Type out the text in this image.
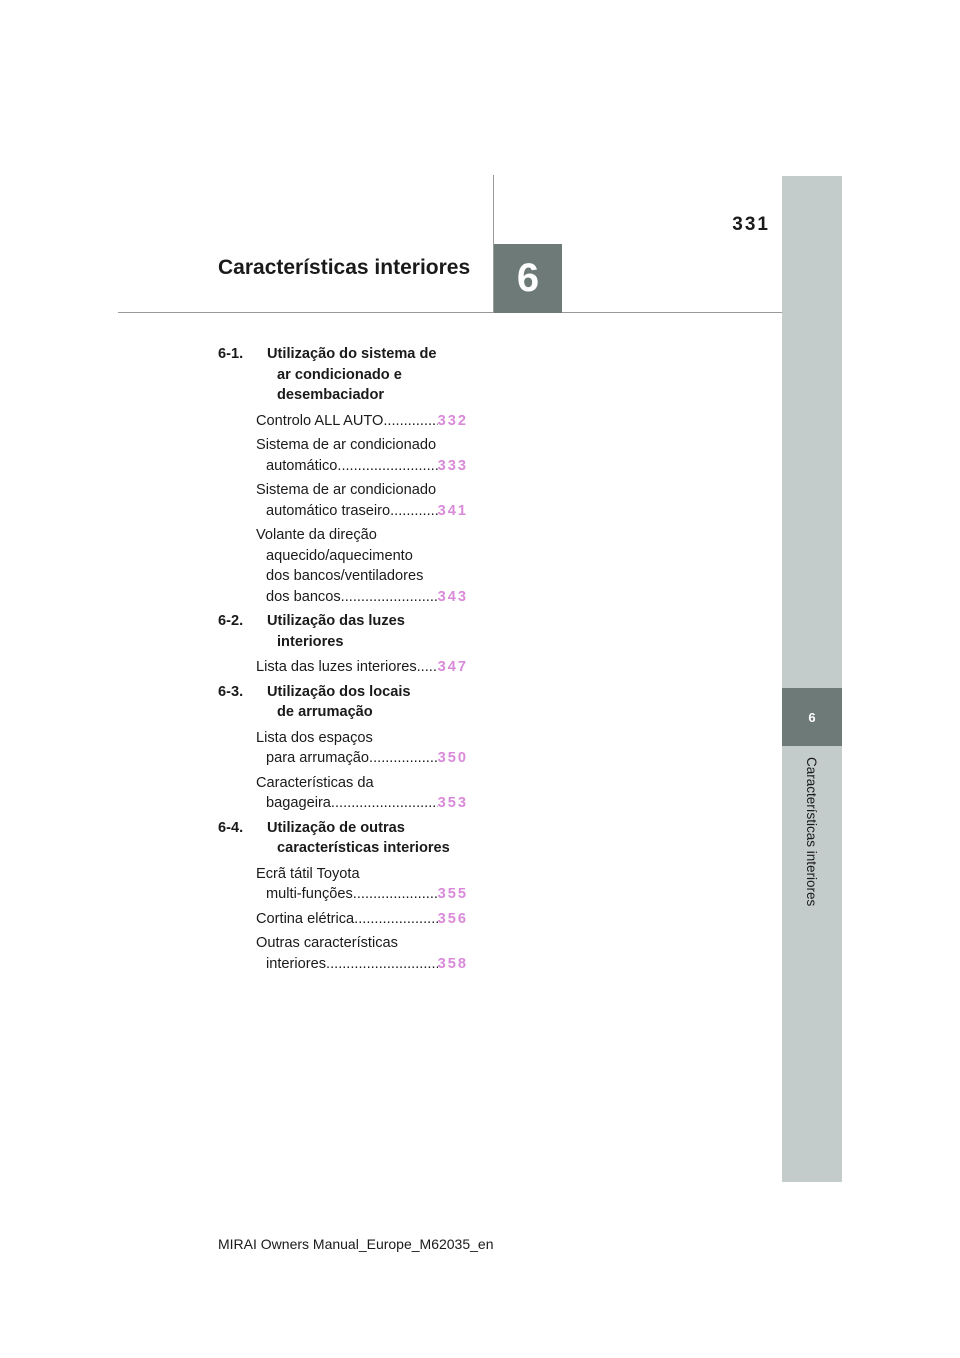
331
Características interiores	6
6
Características interiores
6-1. Utilização do sistema de
ar condicionado e
desembaciador
Controlo ALL AUTO .....	332
Sistema de ar condicionado
automático .....	333
Sistema de ar condicionado
automático traseiro .....	341
Volante da direção
aquecido/aquecimento
dos bancos/ventiladores
dos bancos .....	343
6-2. Utilização das luzes
interiores
Lista das luzes interiores ..... 347
6-3. Utilização dos locais
de arrumação
Lista dos espaços
para arrumação .....	350
Características da
bagageira .....	353
6-4. Utilização de outras
características interiores
Ecrã tátil Toyota
multi-funções .....	355
Cortina elétrica .....	356
Outras características
interiores .....	358
MIRAI Owners Manual_Europe_M62035_en
